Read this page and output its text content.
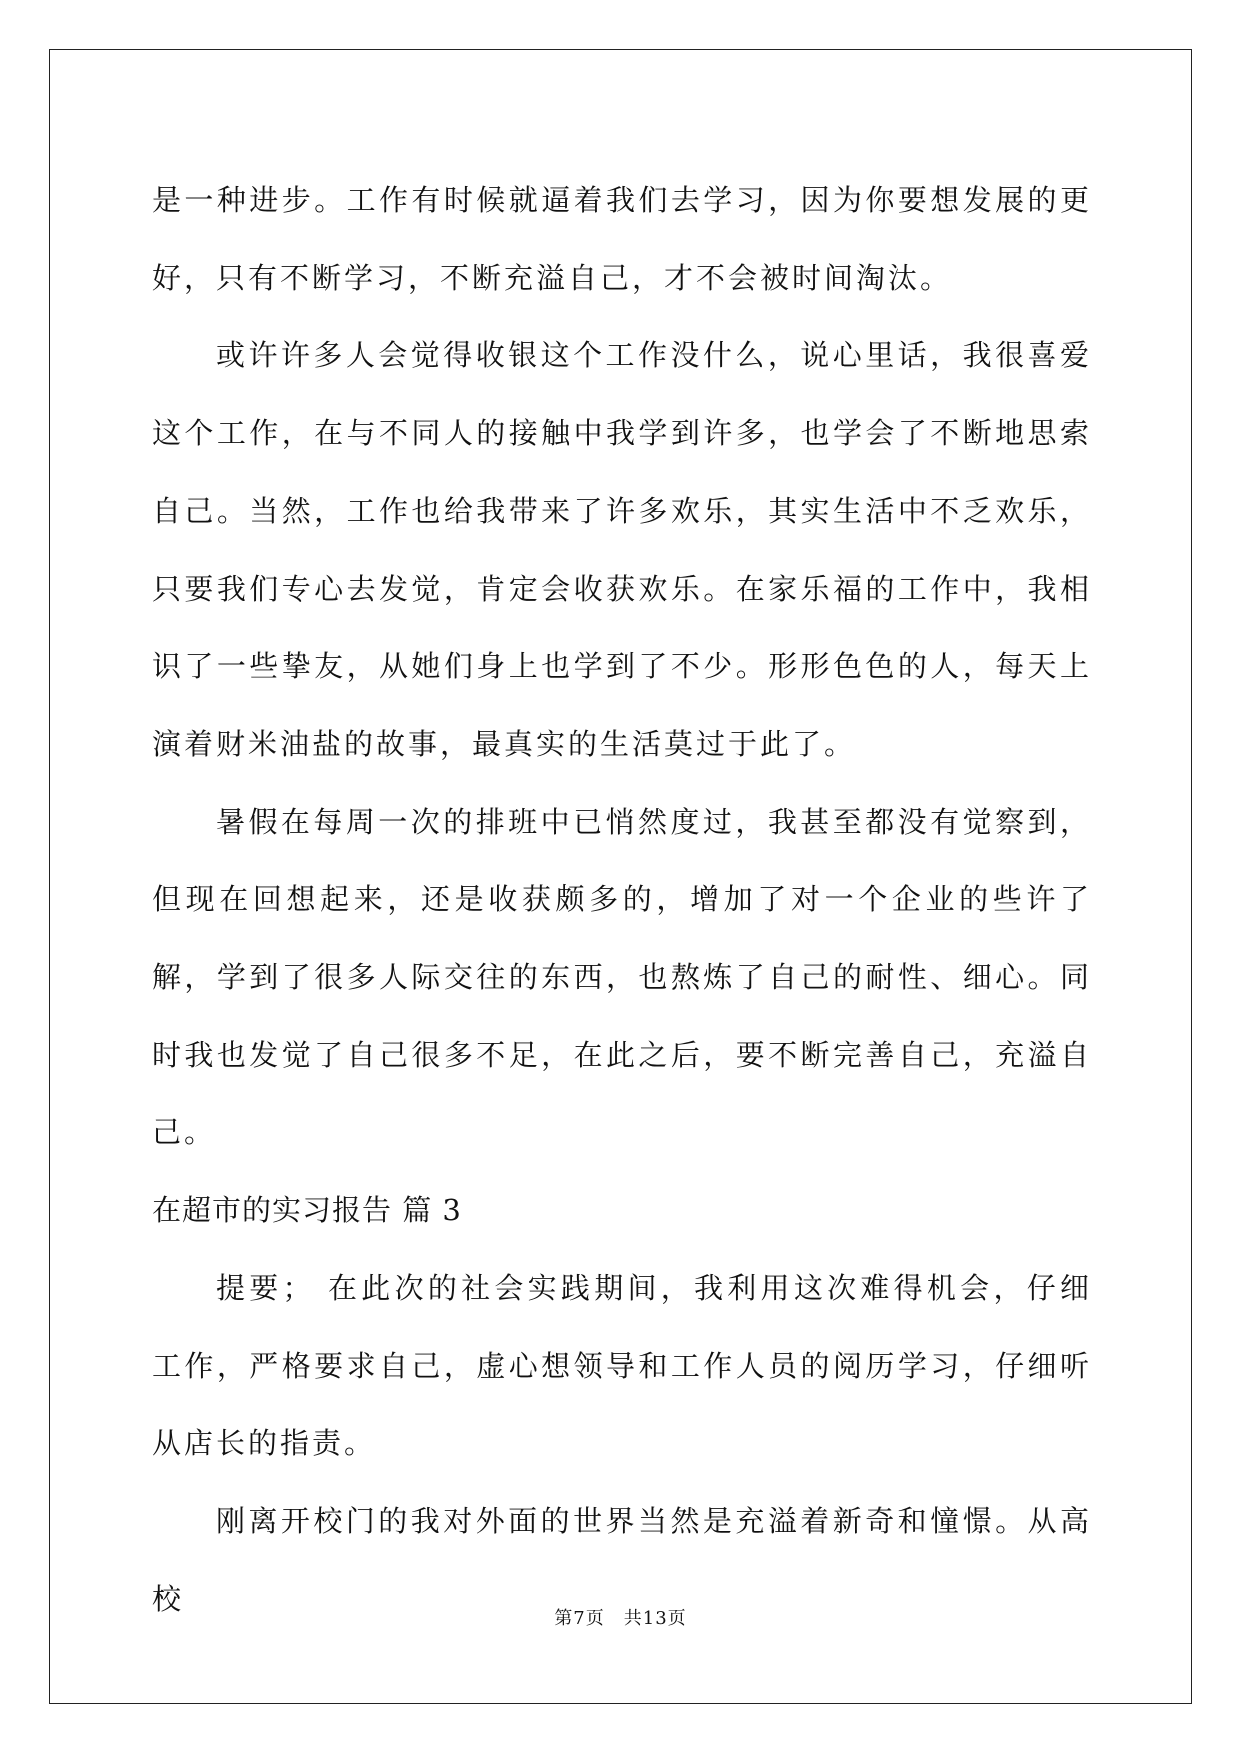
是一种进步。工作有时候就逼着我们去学习，因为你要想发展的更好，只有不断学习，不断充溢自己，才不会被时间淘汰。

或许许多人会觉得收银这个工作没什么，说心里话，我很喜爱这个工作，在与不同人的接触中我学到许多，也学会了不断地思索自己。当然，工作也给我带来了许多欢乐，其实生活中不乏欢乐，只要我们专心去发觉，肯定会收获欢乐。在家乐福的工作中，我相识了一些挚友，从她们身上也学到了不少。形形色色的人，每天上演着财米油盐的故事，最真实的生活莫过于此了。

暑假在每周一次的排班中已悄然度过，我甚至都没有觉察到，但现在回想起来，还是收获颇多的，增加了对一个企业的些许了解，学到了很多人际交往的东西，也熬炼了自己的耐性、细心。同时我也发觉了自己很多不足，在此之后，要不断完善自己，充溢自己。

在超市的实习报告 篇 3

提要； 在此次的社会实践期间，我利用这次难得机会，仔细工作，严格要求自己，虚心想领导和工作人员的阅历学习，仔细听从店长的指责。

刚离开校门的我对外面的世界当然是充溢着新奇和憧憬。从高校

第7页　共13页
